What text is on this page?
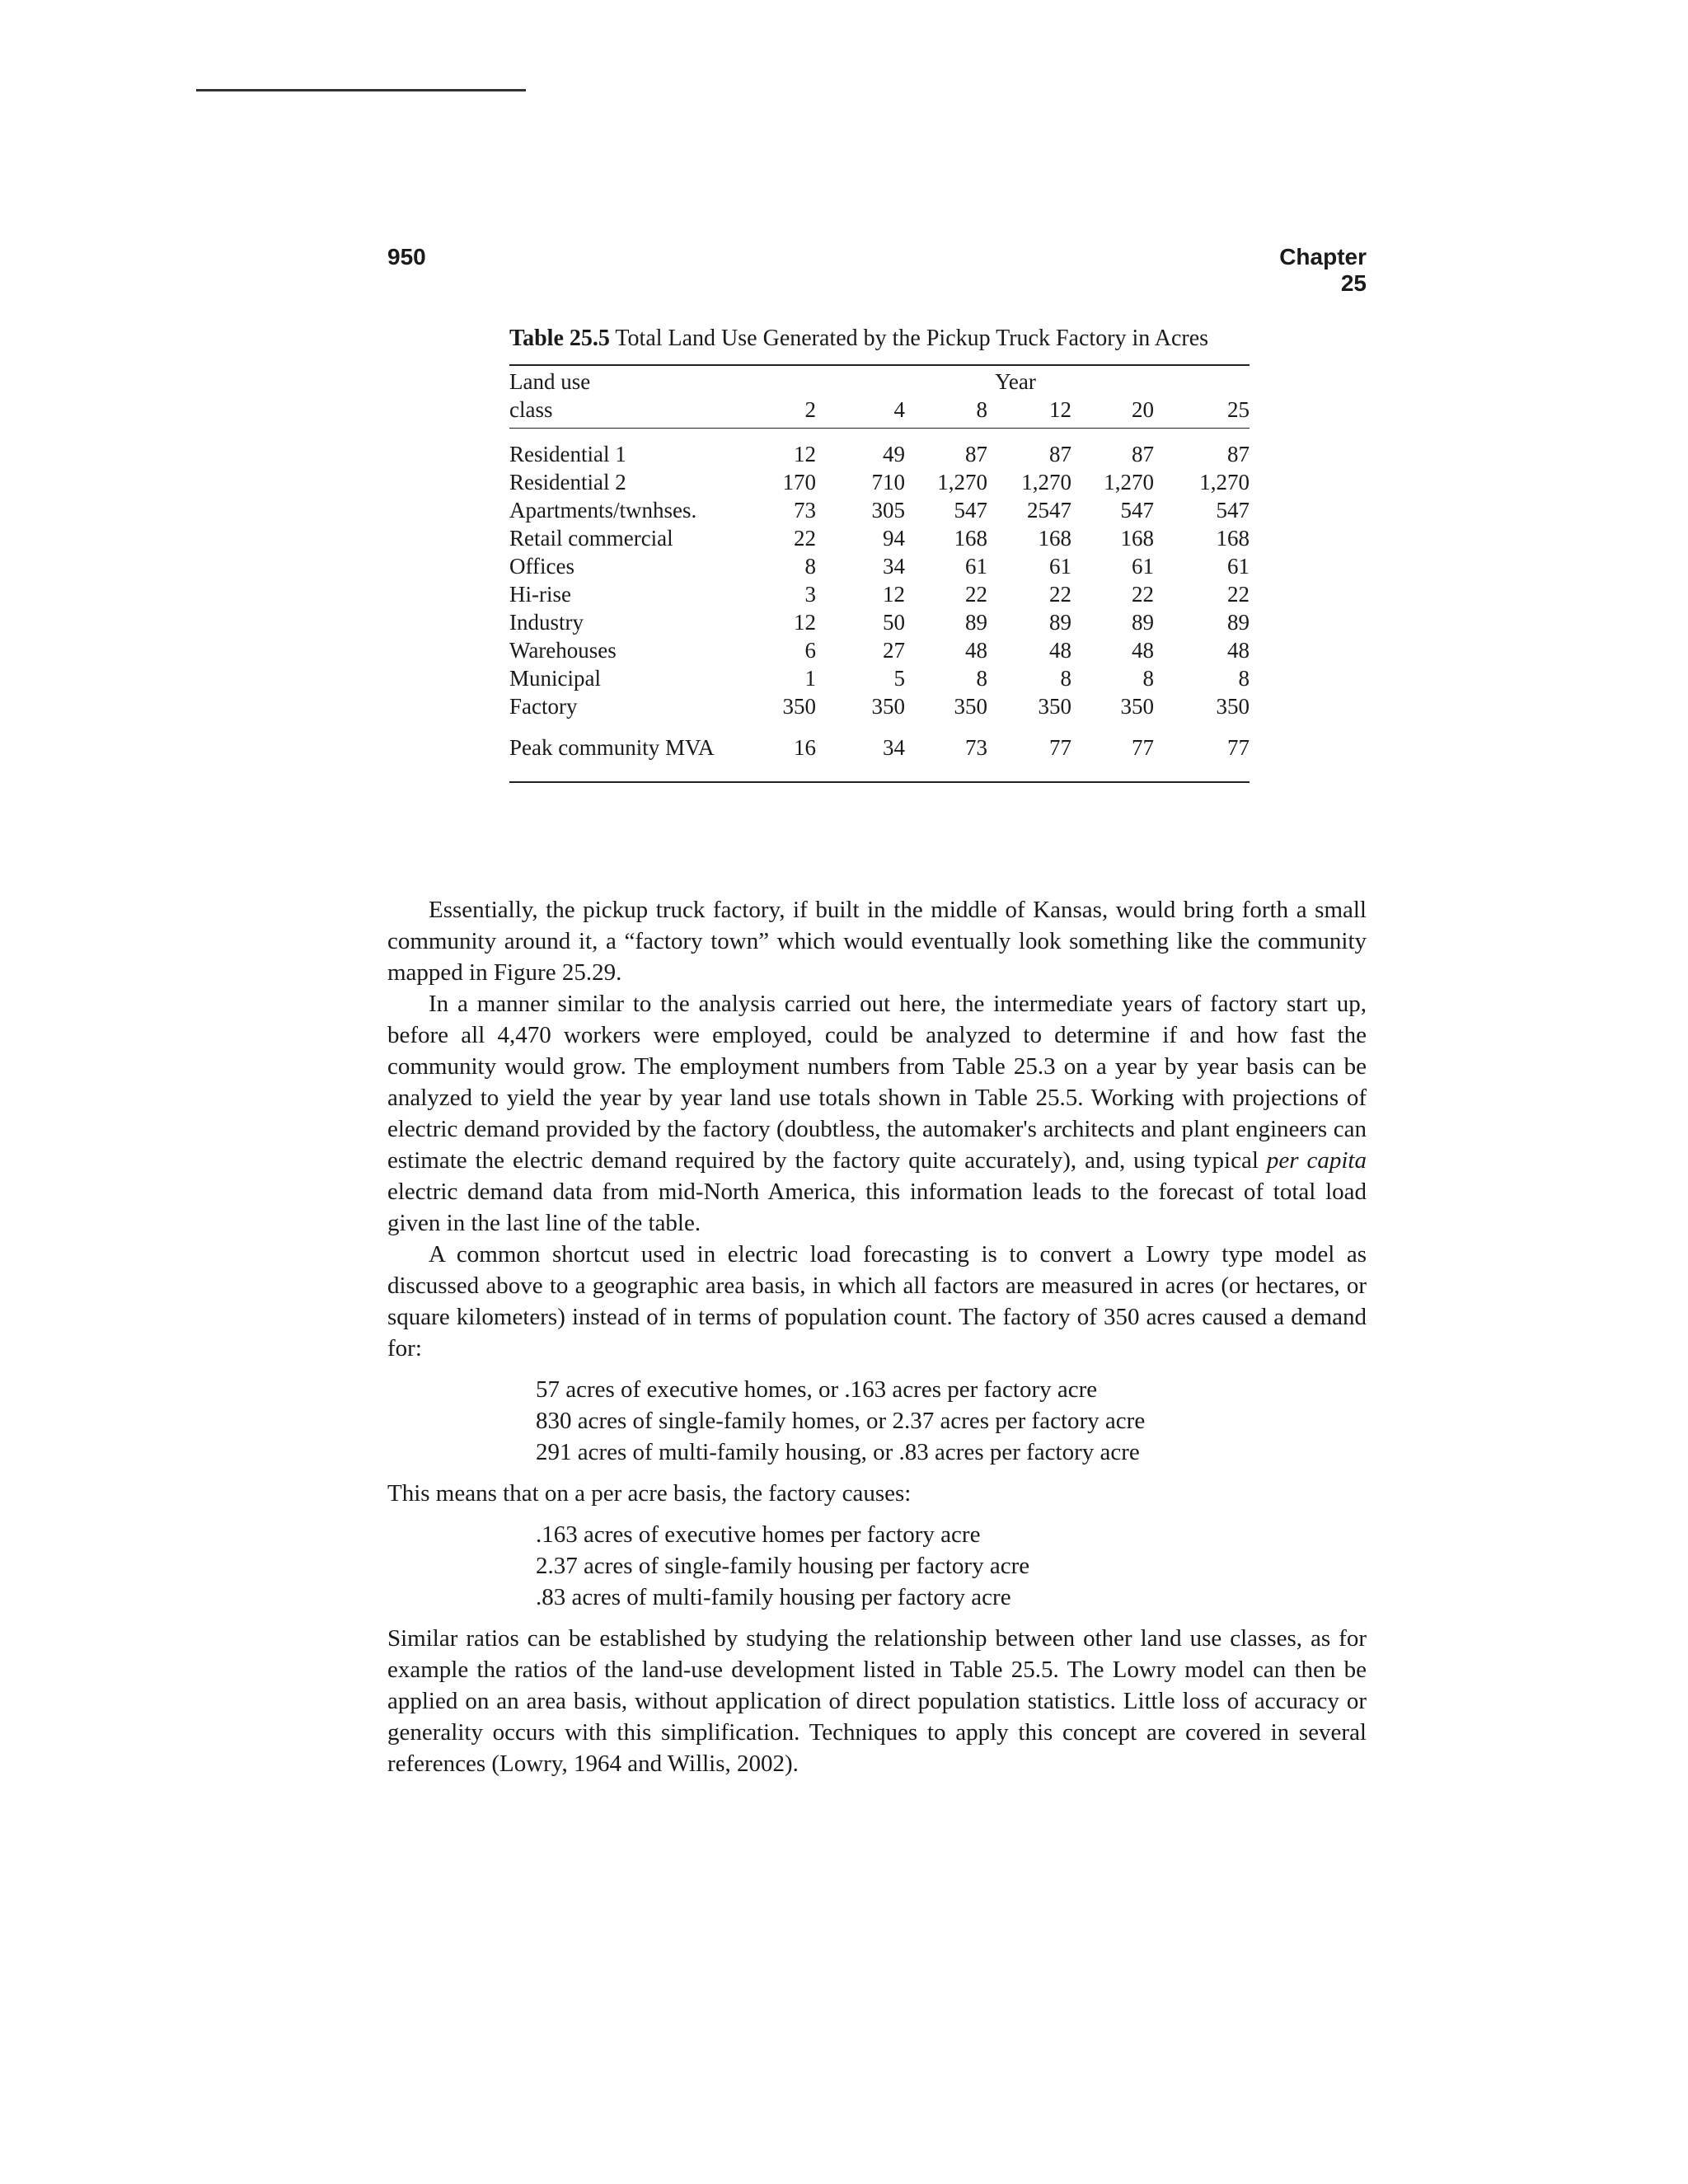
950	Chapter 25
Table 25.5 Total Land Use Generated by the Pickup Truck Factory in Acres
Land use	Year					
class	2	4	8	12	20	25

Residential 1	12	49	87	87	87	87
Residential 2	170	710	1,270	1,270	1,270	1,270
Apartments/twnhses.	73	305	547	2547	547	547
Retail commercial	22	94	168	168	168	168
Offices	8	34	61	61	61	61
Hi-rise	3	12	22	22	22	22
Industry	12	50	89	89	89	89
Warehouses	6	27	48	48	48	48
Municipal	1	5	8	8	8	8
Factory	350	350	350	350	350	350

Peak community MVA	16	34	73	77	77	77

Essentially, the pickup truck factory, if built in the middle of Kansas, would bring forth a small community around it, a “factory town” which would eventually look something like the community mapped in Figure 25.29.

In a manner similar to the analysis carried out here, the intermediate years of factory start up, before all 4,470 workers were employed, could be analyzed to determine if and how fast the community would grow. The employment numbers from Table 25.3 on a year by year basis can be analyzed to yield the year by year land use totals shown in Table 25.5. Working with projections of electric demand provided by the factory (doubtless, the automaker's architects and plant engineers can estimate the electric demand required by the factory quite accurately), and, using typical per capita electric demand data from mid-North America, this information leads to the forecast of total load given in the last line of the table.

A common shortcut used in electric load forecasting is to convert a Lowry type model as discussed above to a geographic area basis, in which all factors are measured in acres (or hectares, or square kilometers) instead of in terms of population count. The factory of 350 acres caused a demand for:

57 acres of executive homes, or .163 acres per factory acre
830 acres of single-family homes, or 2.37 acres per factory acre
291 acres of multi-family housing, or .83 acres per factory acre

This means that on a per acre basis, the factory causes:

.163 acres of executive homes per factory acre
2.37 acres of single-family housing per factory acre
.83 acres of multi-family housing per factory acre

Similar ratios can be established by studying the relationship between other land use classes, as for example the ratios of the land-use development listed in Table 25.5. The Lowry model can then be applied on an area basis, without application of direct population statistics. Little loss of accuracy or generality occurs with this simplification. Techniques to apply this concept are covered in several references (Lowry, 1964 and Willis, 2002).
